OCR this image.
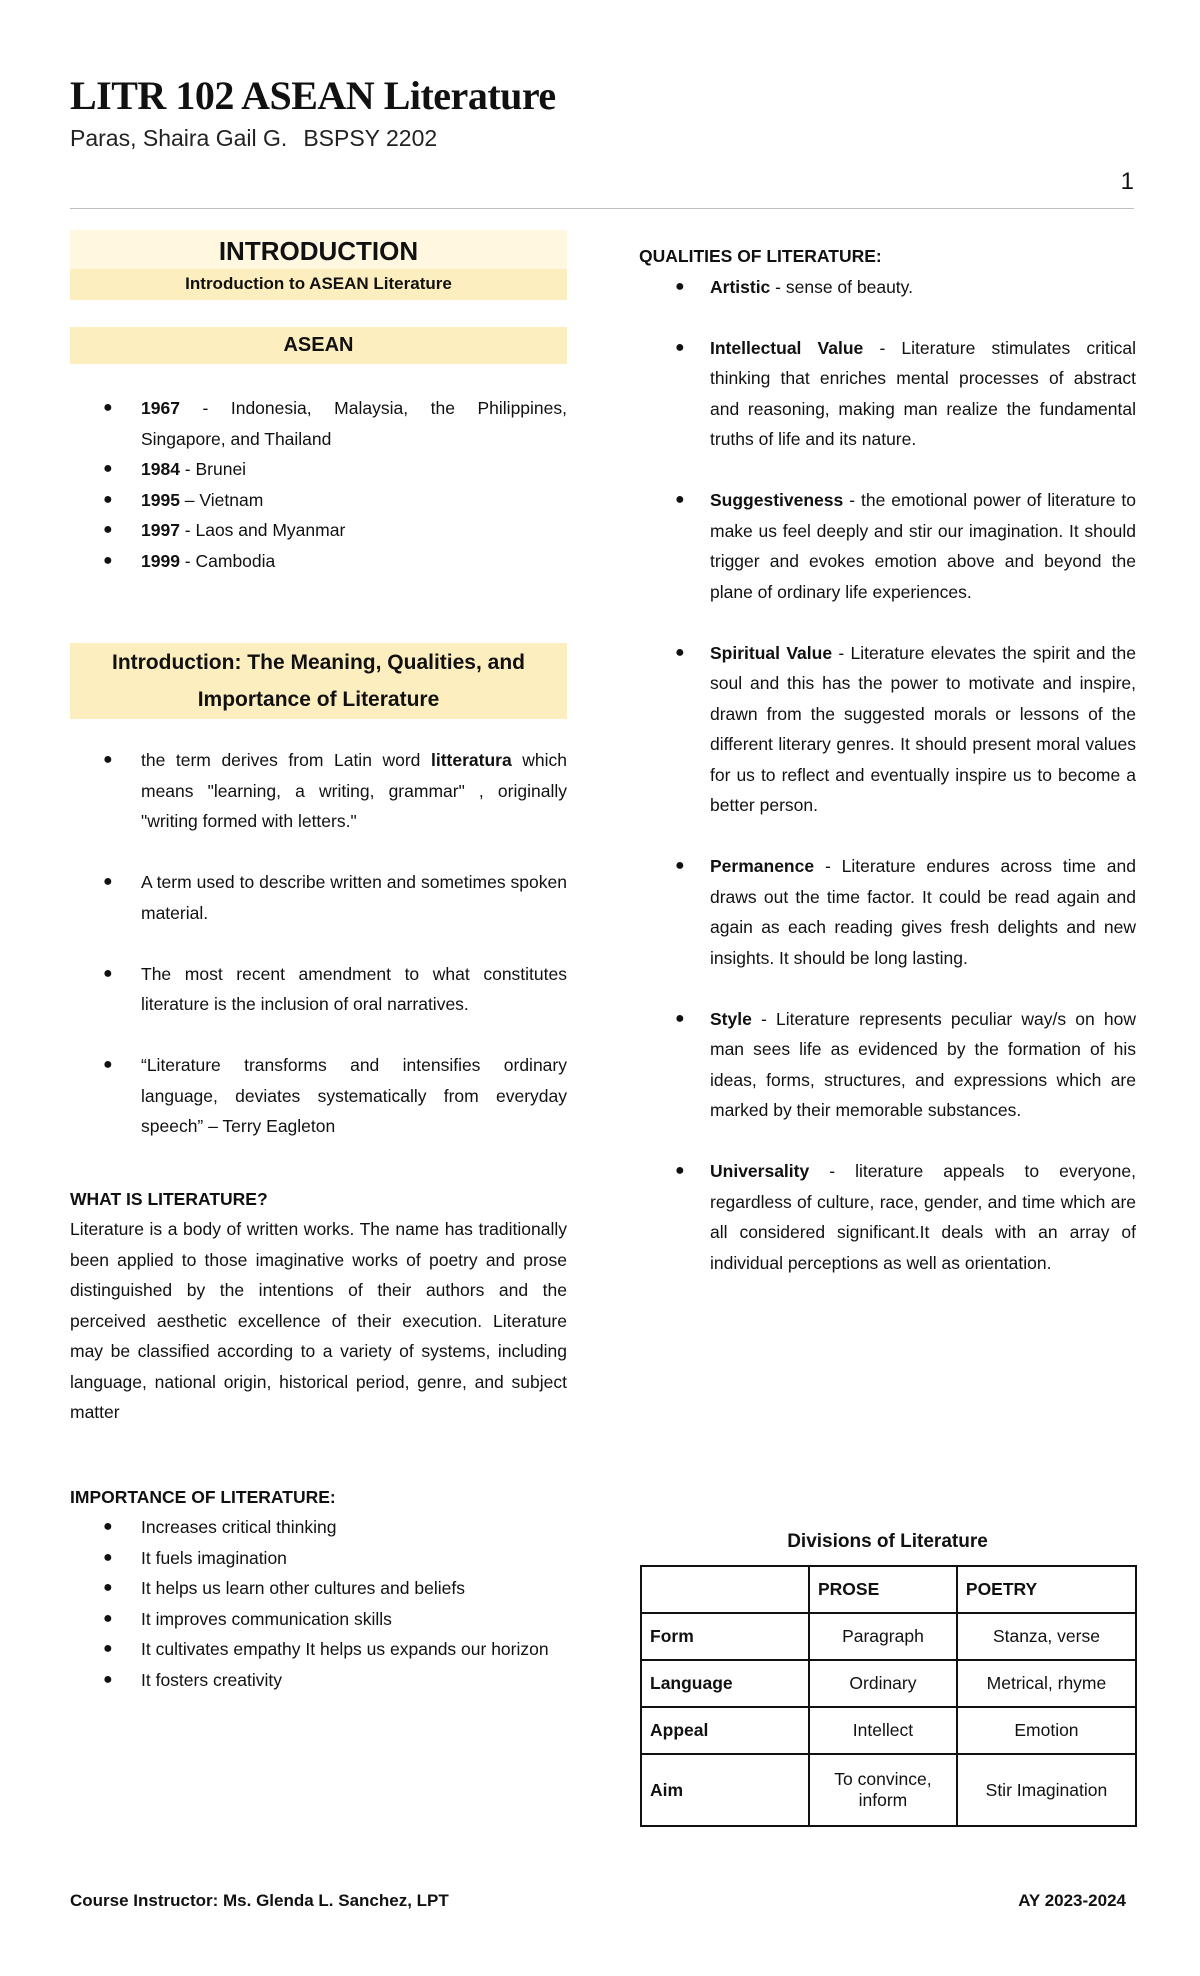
LITR 102 ASEAN Literature
Paras, Shaira Gail G. BSPSY 2202
1
INTRODUCTION
Introduction to ASEAN Literature
ASEAN
● 1967 - Indonesia, Malaysia, the Philippines, Singapore, and Thailand
● 1984 - Brunei
● 1995 – Vietnam
● 1997 - Laos and Myanmar
● 1999 - Cambodia
Introduction: The Meaning, Qualities, and
Importance of Literature
● the term derives from Latin word litteratura which means "learning, a writing, grammar" , originally "writing formed with letters."
● A term used to describe written and sometimes spoken material.
● The most recent amendment to what constitutes literature is the inclusion of oral narratives.
● “Literature transforms and intensifies ordinary language, deviates systematically from everyday speech” – Terry Eagleton
WHAT IS LITERATURE?
Literature is a body of written works. The name has traditionally been applied to those imaginative works of poetry and prose distinguished by the intentions of their authors and the perceived aesthetic excellence of their execution. Literature may be classified according to a variety of systems, including language, national origin, historical period, genre, and subject matter
IMPORTANCE OF LITERATURE:
● Increases critical thinking
● It fuels imagination
● It helps us learn other cultures and beliefs
● It improves communication skills
● It cultivates empathy It helps us expands our horizon
● It fosters creativity
QUALITIES OF LITERATURE:
● Artistic - sense of beauty.
● Intellectual Value - Literature stimulates critical thinking that enriches mental processes of abstract and reasoning, making man realize the fundamental truths of life and its nature.
● Suggestiveness - the emotional power of literature to make us feel deeply and stir our imagination. It should trigger and evokes emotion above and beyond the plane of ordinary life experiences.
● Spiritual Value - Literature elevates the spirit and the soul and this has the power to motivate and inspire, drawn from the suggested morals or lessons of the different literary genres. It should present moral values for us to reflect and eventually inspire us to become a better person.
● Permanence - Literature endures across time and draws out the time factor. It could be read again and again as each reading gives fresh delights and new insights. It should be long lasting.
● Style - Literature represents peculiar way/s on how man sees life as evidenced by the formation of his ideas, forms, structures, and expressions which are marked by their memorable substances.
● Universality - literature appeals to everyone, regardless of culture, race, gender, and time which are all considered significant.It deals with an array of individual perceptions as well as orientation.
Divisions of Literature
	PROSE	POETRY
Form	Paragraph	Stanza, verse
Language	Ordinary	Metrical, rhyme
Appeal	Intellect	Emotion
Aim	To convince,
inform	Stir Imagination
Course Instructor: Ms. Glenda L. Sanchez, LPT	AY 2023-2024
